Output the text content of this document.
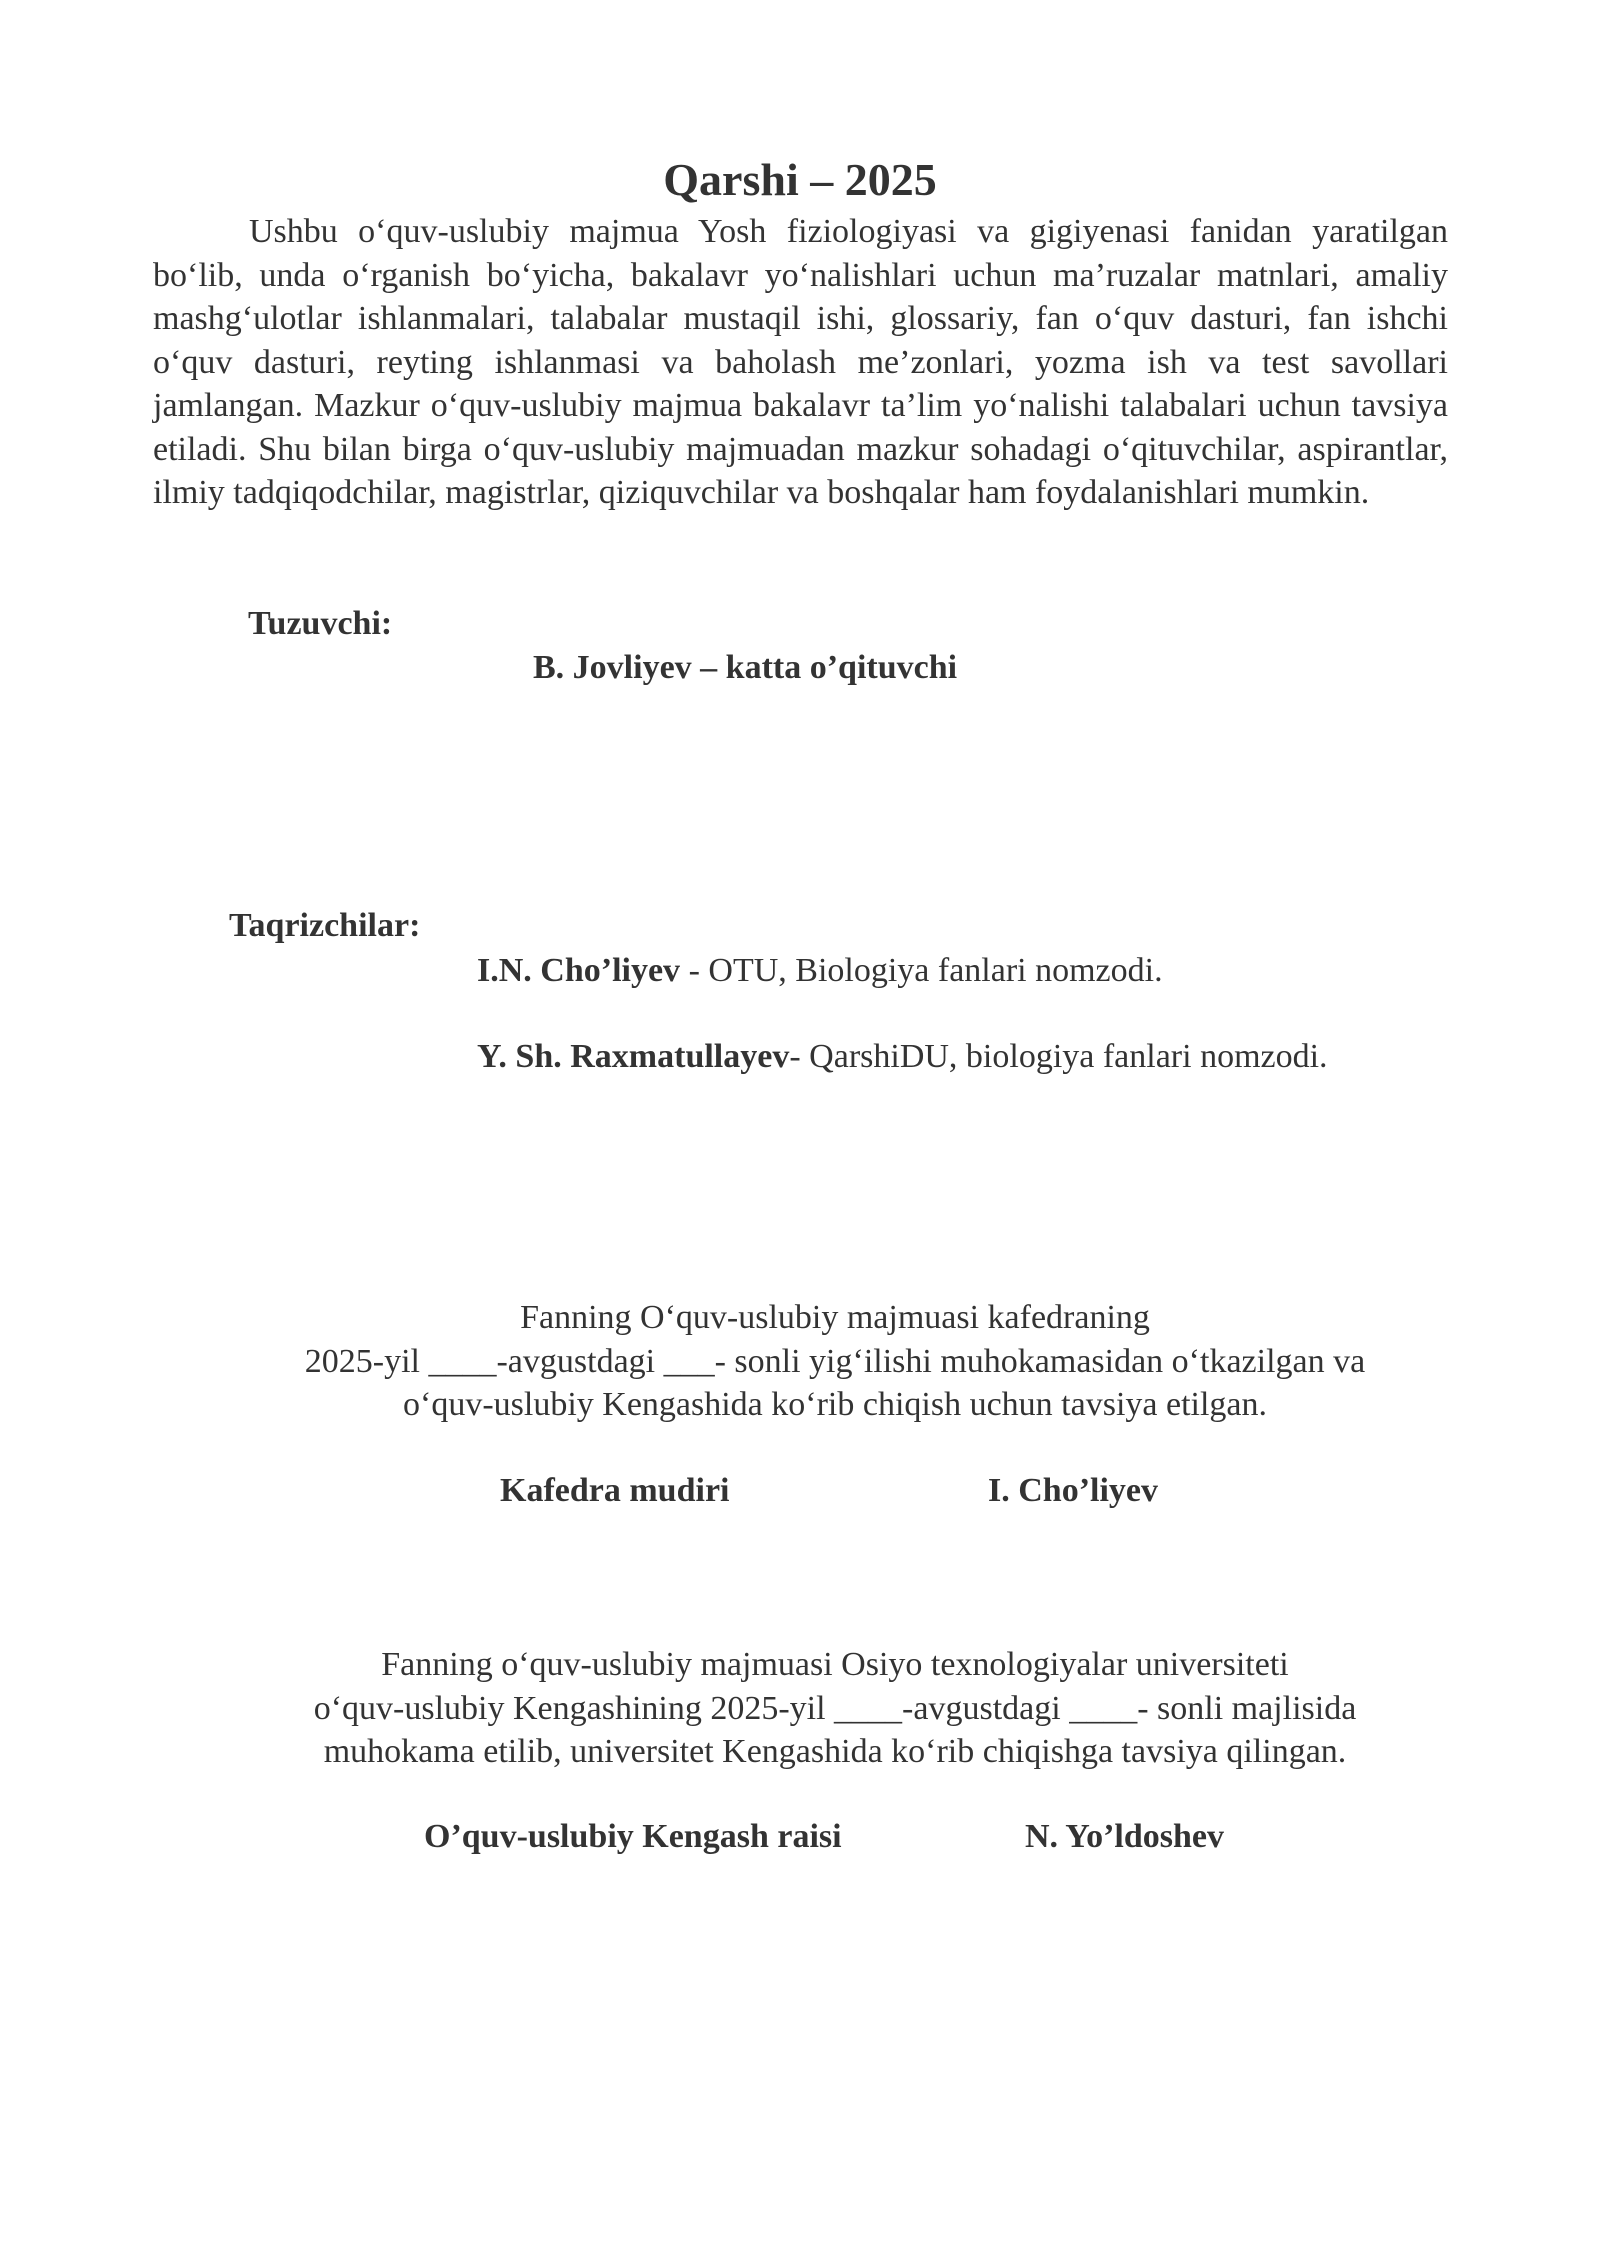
Qarshi – 2025

Ushbu o‘quv-uslubiy majmua Yosh fiziologiyasi va gigiyenasi fanidan yaratilgan bo‘lib, unda o‘rganish bo‘yicha, bakalavr yo‘nalishlari uchun ma’ruzalar matnlari, amaliy mashg‘ulotlar ishlanmalari, talabalar mustaqil ishi, glossariy, fan o‘quv dasturi, fan ishchi o‘quv dasturi, reyting ishlanmasi va baholash me’zonlari, yozma ish va test savollari jamlangan. Mazkur o‘quv-uslubiy majmua bakalavr ta’lim yo‘nalishi talabalari uchun tavsiya etiladi. Shu bilan birga o‘quv-uslubiy majmuadan mazkur sohadagi o‘qituvchilar, aspirantlar, ilmiy tadqiqodchilar, magistrlar, qiziquvchilar va boshqalar ham foydalanishlari mumkin.

Tuzuvchi:
B. Jovliyev – katta o’qituvchi
Taqrizchilar:
I.N. Cho’liyev - OTU, Biologiya fanlari nomzodi.
Y. Sh. Raxmatullayev- QarshiDU, biologiya fanlari nomzodi.
Fanning O‘quv-uslubiy majmuasi kafedraning
2025-yil ____-avgustdagi ___- sonli yig‘ilishi muhokamasidan o‘tkazilgan va
o‘quv-uslubiy Kengashida ko‘rib chiqish uchun tavsiya etilgan.
Kafedra mudiri	I. Cho’liyev
Fanning o‘quv-uslubiy majmuasi Osiyo texnologiyalar universiteti
o‘quv-uslubiy Kengashining 2025-yil ____-avgustdagi ____- sonli majlisida
muhokama etilib, universitet Kengashida ko‘rib chiqishga tavsiya qilingan.
O’quv-uslubiy Kengash raisi	N. Yo’ldoshev
